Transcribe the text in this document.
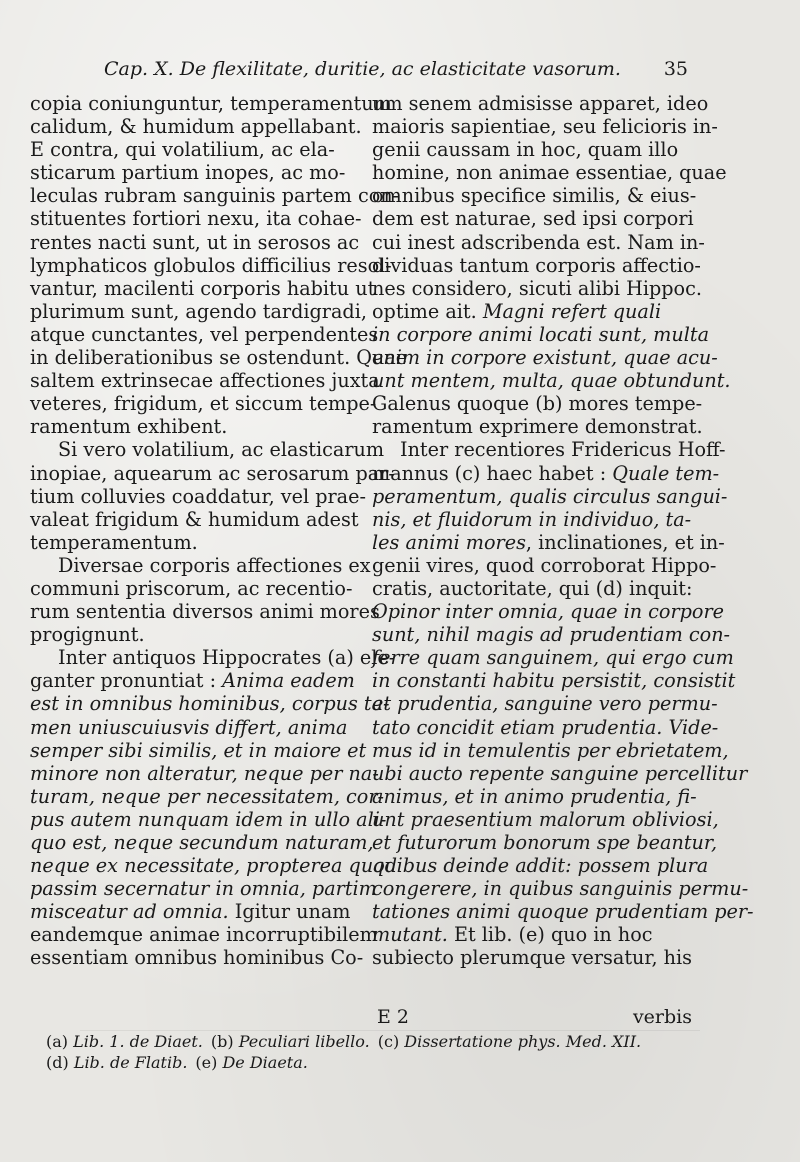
Cap. X. De flexilitate, duritie, ac elasticitate vasorum. 35
copia coniunguntur, temperamentum
calidum, & humidum appellabant.
E contra, qui volatilium, ac ela-
sticarum partium inopes, ac mo-
leculas rubram sanguinis partem con-
stituentes fortiori nexu, ita cohae-
rentes nacti sunt, ut in serosos ac
lymphaticos globulos difficilius resol-
vantur, macilenti corporis habitu ut
plurimum sunt, agendo tardigradi,
atque cunctantes, vel perpendentes
in deliberationibus se ostendunt. Quae
saltem extrinsecae affectiones juxta
veteres, frigidum, et siccum tempe-
ramentum exhibent.
Si vero volatilium, ac elasticarum
inopiae, aquearum ac serosarum par-
tium colluvies coaddatur, vel prae-
valeat frigidum & humidum adest
temperamentum.
Diversae corporis affectiones ex
communi priscorum, ac recentio-
rum sententia diversos animi mores
progignunt.
Inter antiquos Hippocrates (a) ele-
ganter pronuntiat : Anima eadem
est in omnibus hominibus, corpus ta-
men uniuscuiusvis differt, anima
semper sibi similis, et in maiore et
minore non alteratur, neque per na-
turam, neque per necessitatem, cor-
pus autem nunquam idem in ullo ali-
quo est, neque secundum naturam,
neque ex necessitate, propterea quod
passim secernatur in omnia, partim
misceatur ad omnia. Igitur unam
eandemque animae incorruptibilem
essentiam omnibus hominibus Co-
um senem admisisse apparet, ideo
maioris sapientiae, seu felicioris in-
genii caussam in hoc, quam illo
homine, non animae essentiae, quae
omnibus specifice similis, & eius-
dem est naturae, sed ipsi corpori
cui inest adscribenda est. Nam in-
dividuas tantum corporis affectio-
nes considero, sicuti alibi Hippoc.
optime ait. Magni refert quali
in corpore animi locati sunt, multa
enim in corpore existunt, quae acu-
unt mentem, multa, quae obtundunt.
Galenus quoque (b) mores tempe-
ramentum exprimere demonstrat.
Inter recentiores Fridericus Hoff-
mannus (c) haec habet : Quale tem-
peramentum, qualis circulus sangui-
nis, et fluidorum in individuo, ta-
les animi mores, inclinationes, et in-
genii vires, quod corroborat Hippo-
cratis, auctoritate, qui (d) inquit:
Opinor inter omnia, quae in corpore
sunt, nihil magis ad prudentiam con-
ferre quam sanguinem, qui ergo cum
in constanti habitu persistit, consistit
et prudentia, sanguine vero permu-
tato concidit etiam prudentia. Vide-
mus id in temulentis per ebrietatem,
ubi aucto repente sanguine percellitur
animus, et in animo prudentia, fi-
unt praesentium malorum obliviosi,
et futurorum bonorum spe beantur,
quibus deinde addit: possem plura
congerere, in quibus sanguinis permu-
tationes animi quoque prudentiam per-
mutant. Et lib. (e) quo in hoc
subiecto plerumque versatur, his
E 2	verbis
(a) Lib. 1. de Diaet. (b) Peculiari libello. (c) Dissertatione phys. Med. XII.
(d) Lib. de Flatib. (e) De Diaeta.
